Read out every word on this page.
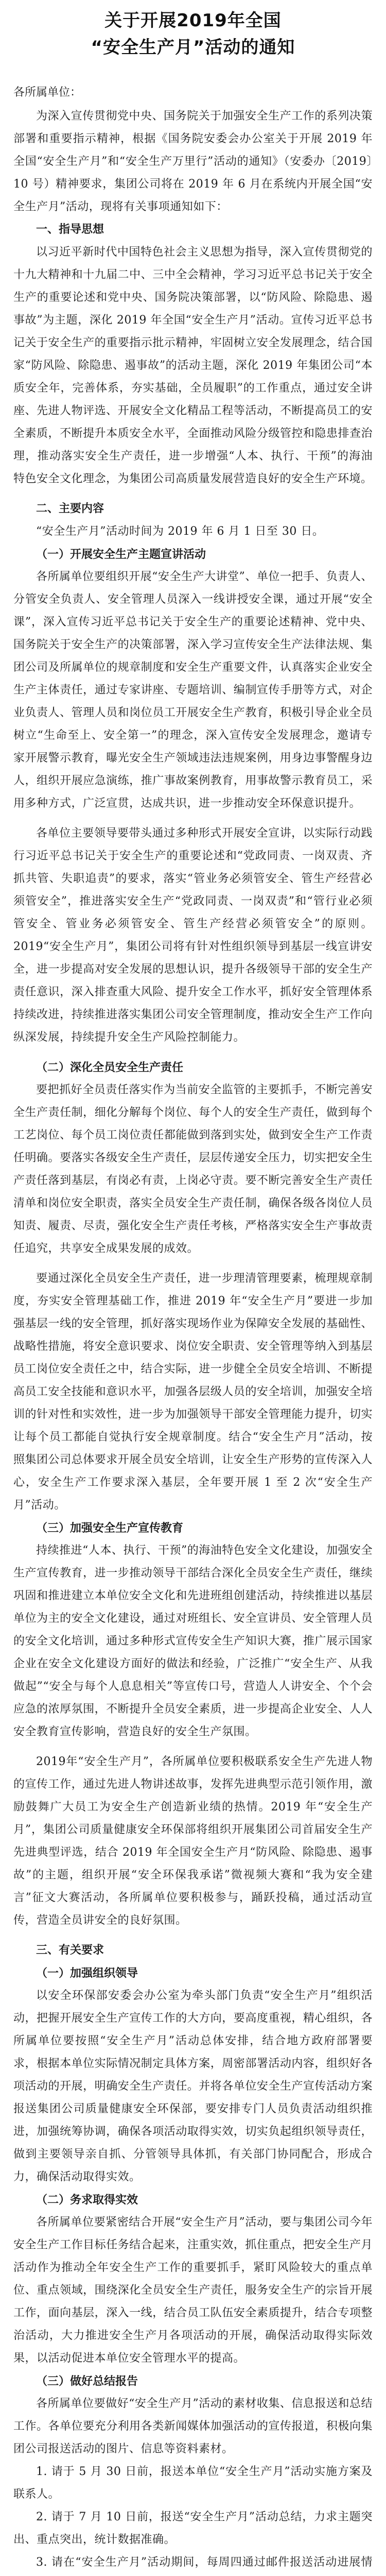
关于开展2019年全国
“安全生产月”活动的通知
各所属单位：

为深入宣传贯彻党中央、国务院关于加强安全生产工作的系列决策部署和重要指示精神，根据《国务院安委会办公室关于开展 2019 年全国“安全生产月”和“安全生产万里行”活动的通知》（安委办〔2019〕10 号）精神要求，集团公司将在 2019 年 6 月在系统内开展全国“安全生产月”活动，现将有关事项通知如下：

一、指导思想

以习近平新时代中国特色社会主义思想为指导，深入宣传贯彻党的十九大精神和十九届二中、三中全会精神，学习习近平总书记关于安全生产的重要论述和党中央、国务院决策部署，以“防风险、除隐患、遏事故”为主题，深化 2019 年全国“安全生产月”活动。宣传习近平总书记关于安全生产的重要指示批示精神，牢固树立安全发展理念，结合国家“防风险、除隐患、遏事故”的活动主题，深化 2019 年集团公司“本质安全年，完善体系，夯实基础，全员履职”的工作重点，通过安全讲座、先进人物评选、开展安全文化精品工程等活动，不断提高员工的安全素质，不断提升本质安全水平，全面推动风险分级管控和隐患排查治理，推动落实安全生产责任，进一步增强“人本、执行、干预”的海油特色安全文化理念，为集团公司高质量发展营造良好的安全生产环境。

二、主要内容

“安全生产月”活动时间为 2019 年 6 月 1 日至 30 日。

（一）开展安全生产主题宣讲活动

各所属单位要组织开展“安全生产大讲堂”、单位一把手、负责人、分管安全负责人、安全管理人员深入一线讲授安全课，通过开展“安全课”，深入宣传习近平总书记关于安全生产的重要论述精神、党中央、国务院关于安全生产的决策部署，深入学习宣传安全生产法律法规、集团公司及所属单位的规章制度和安全生产重要文件，认真落实企业安全生产主体责任，通过专家讲座、专题培训、编制宣传手册等方式，对企业负责人、管理人员和岗位员工开展安全生产教育，积极引导企业全员树立“生命至上、安全第一”的理念，深入宣传安全发展理念，邀请专家开展警示教育，曝光安全生产领域违法违规案例，用身边事警醒身边人，组织开展应急演练，推广事故案例教育，用事故警示教育员工，采用多种方式，广泛宣贯，达成共识，进一步推动安全环保意识提升。

各单位主要领导要带头通过多种形式开展安全宣讲，以实际行动践行习近平总书记关于安全生产的重要论述和“党政同责、一岗双责、齐抓共管、失职追责”的要求，落实“管业务必须管安全、管生产经营必须管安全”，推进落实安全生产“党政同责、一岗双责”和“管行业必须管安全、管业务必须管安全、管生产经营必须管安全”的原则。2019“安全生产月”，集团公司将有针对性组织领导到基层一线宣讲安全，进一步提高对安全发展的思想认识，提升各级领导干部的安全生产责任意识，深入排查重大风险、提升安全工作水平，抓好安全管理体系持续改进，持续推进落实集团公司安全管理制度，推动安全生产工作向纵深发展，持续提升安全生产风险控制能力。

（二）深化全员安全生产责任

要把抓好全员责任落实作为当前安全监管的主要抓手，不断完善安全生产责任制，细化分解每个岗位、每个人的安全生产责任，做到每个工艺岗位、每个员工岗位责任都能做到落到实处，做到安全生产工作责任明确。要落实各级安全生产责任，层层传递安全压力，切实把安全生产责任落到基层，有岗必有责，上岗必守责。要不断完善安全生产责任清单和岗位安全职责，落实全员安全生产责任制，确保各级各岗位人员知责、履责、尽责，强化安全生产责任考核，严格落实安全生产事故责任追究，共享安全成果发展的成效。

要通过深化全员安全生产责任，进一步理清管理要素，梳理规章制度，夯实安全管理基础工作，推进 2019 年“安全生产月”要进一步加强基层一线的安全管理，抓好落实现场作业为保障安全发展的基础性、战略性措施，将安全意识要求、岗位安全职责、安全管理等纳入到基层员工岗位安全责任之中，结合实际，进一步健全全员安全培训、不断提高员工安全技能和意识水平，加强各层级人员的安全培训，加强安全培训的针对性和实效性，进一步为加强领导干部安全管理能力提升，切实让每个员工都能自觉执行安全规章制度。结合“安全生产月”活动，按照集团公司总体要求开展全员安全培训，让安全生产形势的宣传深入人心，安全生产工作要求深入基层，全年要开展 1 至 2 次“安全生产月”活动。

（三）加强安全生产宣传教育

持续推进“人本、执行、干预”的海油特色安全文化建设，加强安全生产宣传教育，进一步推动领导干部结合深化全员安全生产责任，继续巩固和推进建立本单位安全文化和先进班组创建活动，持续推进以基层单位为主的安全文化建设，通过对班组长、安全宣讲员、安全管理人员的安全文化培训，通过多种形式宣传安全生产知识大赛，推广展示国家企业在安全文化建设方面好的做法和经验，广泛推广“安全生产、从我做起”“安全与每个人息息相关”等宣传口号，营造人人讲安全、个个会应急的浓厚氛围，不断提升全员安全素质，进一步提高企业安全、人人安全教育宣传影响，营造良好的安全生产氛围。

2019年“安全生产月”，各所属单位要积极联系安全生产先进人物的宣传工作，通过先进人物讲述故事，发挥先进典型示范引领作用，激励鼓舞广大员工为安全生产创造新业绩的热情。2019 年“安全生产月”，集团公司质量健康安全环保部将组织开展集团公司首届安全生产先进典型评选，结合 2019 年全国安全生产月“防风险、除隐患、遏事故”的主题，组织开展“安全环保我承诺”微视频大赛和“我为安全建言”征文大赛活动，各所属单位要积极参与，踊跃投稿，通过活动宣传，营造全员讲安全的良好氛围。

三、有关要求
（一）加强组织领导

以安全环保部安委会办公室为牵头部门负责“安全生产月”组织活动，把握开展安全生产宣传工作的大方向，要高度重视，精心组织，各所属单位要按照“安全生产月”活动总体安排，结合地方政府部署要求，根据本单位实际情况制定具体方案，周密部署活动内容，组织好各项活动的开展，明确安全生产责任。并将各单位安全生产宣传活动方案报送集团公司质量健康安全环保部，要安排专门人员负责活动组织推进，加强统筹协调，确保各项活动取得实效，切实负起组织领导责任，做到主要领导亲自抓、分管领导具体抓，有关部门协同配合，形成合力，确保活动取得实效。

（二）务求取得实效

各所属单位要紧密结合开展“安全生产月”活动，要与集团公司今年安全生产工作目标任务结合起来，注重实效，抓住重点，把安全生产月活动作为推动全年安全生产工作的重要抓手，紧盯风险较大的重点单位、重点领域，围绕深化全员安全生产责任，服务安全生产的宗旨开展工作，面向基层，深入一线，结合员工队伍安全素质提升，结合专项整治活动，大力推进安全生产月各项活动的开展，确保活动取得实际效果，以活动促进本单位安全管理水平的提高。

（三）做好总结报告

各所属单位要做好“安全生产月”活动的素材收集、信息报送和总结工作。各单位要充分利用各类新闻媒体加强活动的宣传报道，积极向集团公司报送活动的图片、信息等资料素材。

1. 请于 5 月 30 日前，报送本单位“安全生产月”活动实施方案及联系人。

2. 请于 7 月 10 日前，报送“安全生产月”活动总结，力求主题突出、重点突出，统计数据准确。

3. 请在“安全生产月”活动期间，每周四通过邮件报送活动进展情
